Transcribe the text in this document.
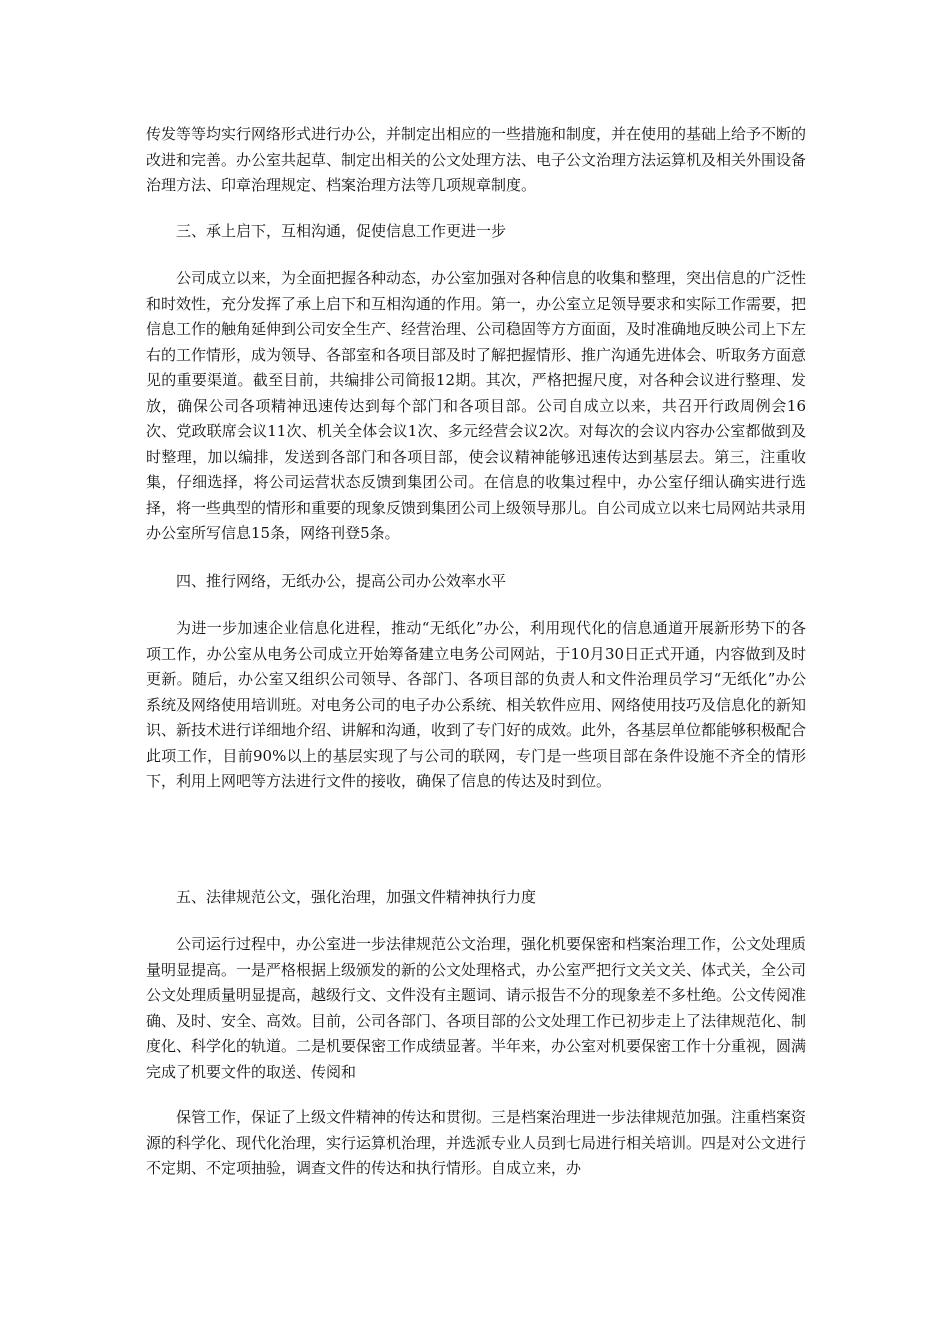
传发等等均实行网络形式进行办公，并制定出相应的一些措施和制度，并在使用的基础上给予不断的改进和完善。办公室共起草、制定出相关的公文处理方法、电子公文治理方法运算机及相关外围设备治理方法、印章治理规定、档案治理方法等几项规章制度。

三、承上启下，互相沟通，促使信息工作更进一步

公司成立以来，为全面把握各种动态，办公室加强对各种信息的收集和整理，突出信息的广泛性和时效性，充分发挥了承上启下和互相沟通的作用。第一，办公室立足领导要求和实际工作需要，把信息工作的触角延伸到公司安全生产、经营治理、公司稳固等方方面面，及时准确地反映公司上下左右的工作情形，成为领导、各部室和各项目部及时了解把握情形、推广沟通先进体会、听取务方面意见的重要渠道。截至目前，共编排公司简报12期。其次，严格把握尺度，对各种会议进行整理、发放，确保公司各项精神迅速传达到每个部门和各项目部。公司自成立以来，共召开行政周例会16次、党政联席会议11次、机关全体会议1次、多元经营会议2次。对每次的会议内容办公室都做到及时整理，加以编排，发送到各部门和各项目部，使会议精神能够迅速传达到基层去。第三，注重收集，仔细选择，将公司运营状态反馈到集团公司。在信息的收集过程中，办公室仔细认确实进行选择，将一些典型的情形和重要的现象反馈到集团公司上级领导那儿。自公司成立以来七局网站共录用办公室所写信息15条，网络刊登5条。

四、推行网络，无纸办公，提高公司办公效率水平

为进一步加速企业信息化进程，推动“无纸化”办公，利用现代化的信息通道开展新形势下的各项工作，办公室从电务公司成立开始筹备建立电务公司网站，于10月30日正式开通，内容做到及时更新。随后，办公室又组织公司领导、各部门、各项目部的负责人和文件治理员学习“无纸化”办公系统及网络使用培训班。对电务公司的电子办公系统、相关软件应用、网络使用技巧及信息化的新知识、新技术进行详细地介绍、讲解和沟通，收到了专门好的成效。此外，各基层单位都能够积极配合此项工作，目前90%以上的基层实现了与公司的联网，专门是一些项目部在条件设施不齐全的情形下，利用上网吧等方法进行文件的接收，确保了信息的传达及时到位。

五、法律规范公文，强化治理，加强文件精神执行力度

公司运行过程中，办公室进一步法律规范公文治理，强化机要保密和档案治理工作，公文处理质量明显提高。一是严格根据上级颁发的新的公文处理格式，办公室严把行文关文关、体式关，全公司公文处理质量明显提高，越级行文、文件没有主题词、请示报告不分的现象差不多杜绝。公文传阅准确、及时、安全、高效。目前，公司各部门、各项目部的公文处理工作已初步走上了法律规范化、制度化、科学化的轨道。二是机要保密工作成绩显著。半年来，办公室对机要保密工作十分重视，圆满完成了机要文件的取送、传阅和

保管工作，保证了上级文件精神的传达和贯彻。三是档案治理进一步法律规范加强。注重档案资源的科学化、现代化治理，实行运算机治理，并选派专业人员到七局进行相关培训。四是对公文进行不定期、不定项抽验，调查文件的传达和执行情形。自成立来，办
